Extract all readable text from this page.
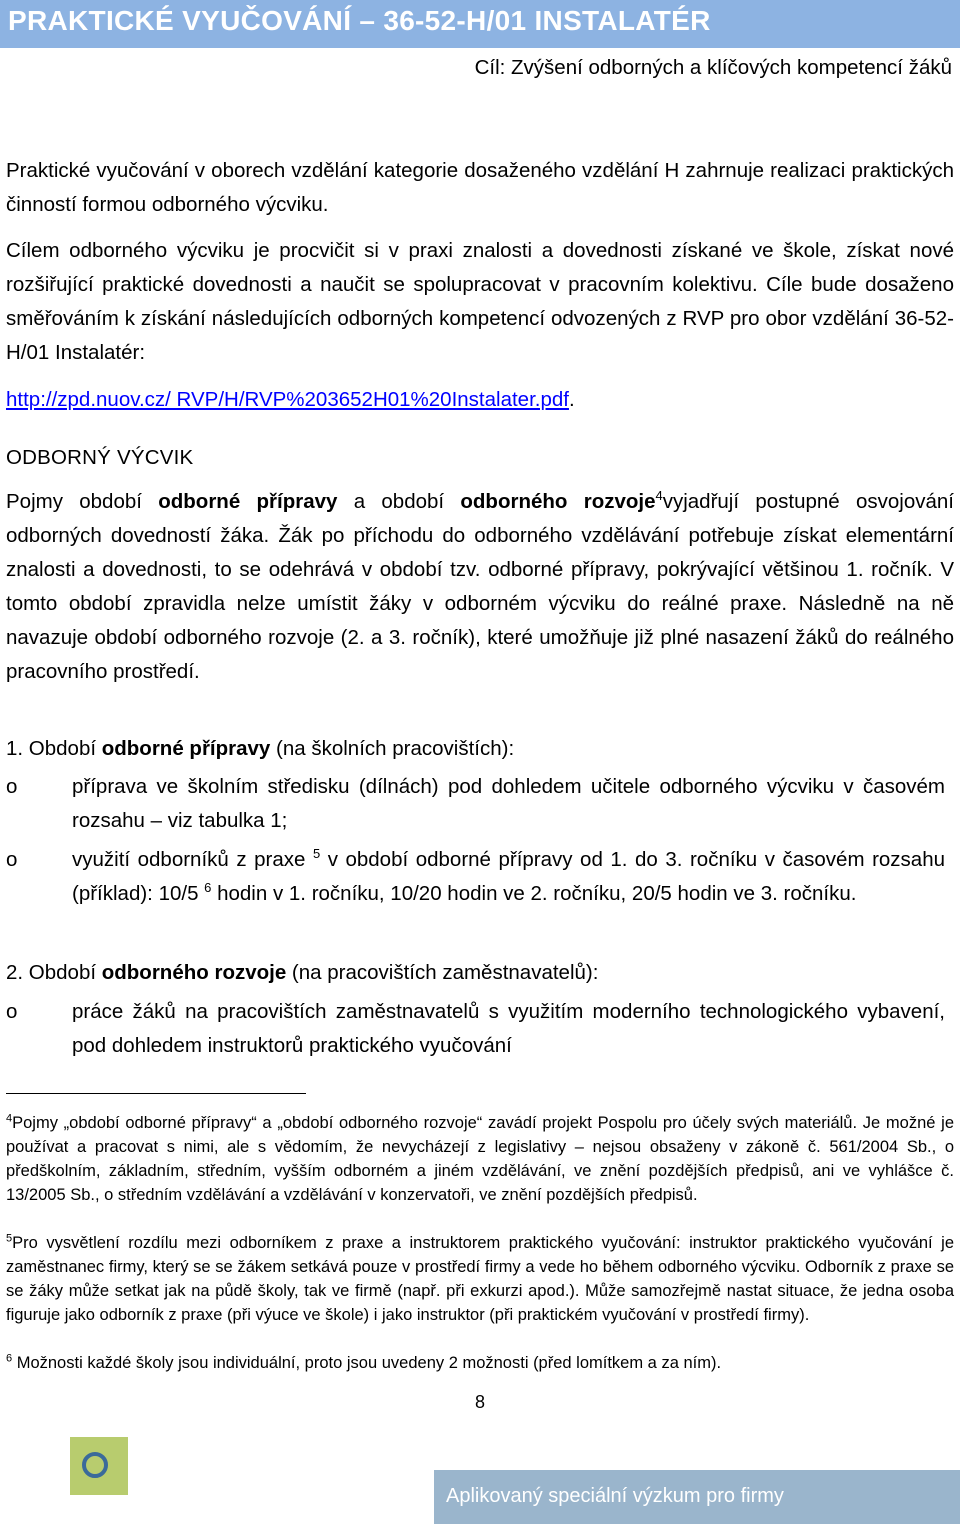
PRAKTICKÉ VYUČOVÁNÍ – 36-52-H/01 INSTALATÉR
Cíl: Zvýšení odborných a klíčových kompetencí žáků
Praktické vyučování v oborech vzdělání kategorie dosaženého vzdělání H zahrnuje realizaci praktických činností formou odborného výcviku.
Cílem odborného výcviku je procvičit si v praxi znalosti a dovednosti získané ve škole, získat nové rozšiřující praktické dovednosti a naučit se spolupracovat v pracovním kolektivu. Cíle bude dosaženo směřováním k získání následujících odborných kompetencí odvozených z RVP pro obor vzdělání 36-52-H/01 Instalatér:
http://zpd.nuov.cz/ RVP/H/RVP%203652H01%20Instalater.pdf.
ODBORNÝ VÝCVIK
Pojmy období odborné přípravy a období odborného rozvoje$^4$vyjadřují postupné osvojování odborných dovedností žáka. Žák po příchodu do odborného vzdělávání potřebuje získat elementární znalosti a dovednosti, to se odehrává v období tzv. odborné přípravy, pokrývající většinou 1. ročník. V tomto období zpravidla nelze umístit žáky v odborném výcviku do reálné praxe. Následně na ně navazuje období odborného rozvoje (2. a 3. ročník), které umožňuje již plné nasazení žáků do reálného pracovního prostředí.
1. Období odborné přípravy (na školních pracovištích):
o	příprava ve školním středisku (dílnách) pod dohledem učitele odborného výcviku v časovém rozsahu – viz tabulka 1;
o	využití odborníků z praxe $^5$ v období odborné přípravy od 1. do 3. ročníku v časovém rozsahu (příklad): 10/5 $^6$ hodin v 1. ročníku, 10/20 hodin ve 2. ročníku, 20/5 hodin ve 3. ročníku.
2. Období odborného rozvoje (na pracovištích zaměstnavatelů):
o	práce žáků na pracovištích zaměstnavatelů s využitím moderního technologického vybavení, pod dohledem instruktorů praktického vyučování
$^4$Pojmy „období odborné přípravy“ a „období odborného rozvoje“ zavádí projekt Pospolu pro účely svých materiálů. Je možné je používat a pracovat s nimi, ale s vědomím, že nevycházejí z legislativy – nejsou obsaženy v zákoně č. 561/2004 Sb., o předškolním, základním, středním, vyšším odborném a jiném vzdělávání, ve znění pozdějších předpisů, ani ve vyhlášce č. 13/2005 Sb., o středním vzdělávání a vzdělávání v konzervatoři, ve znění pozdějších předpisů.
$^5$Pro vysvětlení rozdílu mezi odborníkem z praxe a instruktorem praktického vyučování: instruktor praktického vyučování je zaměstnanec firmy, který se se žákem setkává pouze v prostředí firmy a vede ho během odborného výcviku. Odborník z praxe se se žáky může setkat jak na půdě školy, tak ve firmě (např. při exkurzi apod.). Může samozřejmě nastat situace, že jedna osoba figuruje jako odborník z praxe (při výuce ve škole) i jako instruktor (při praktickém vyučování v prostředí firmy).
$^6$ Možnosti každé školy jsou individuální, proto jsou uvedeny 2 možnosti (před lomítkem a za ním).
8
Aplikovaný speciální výzkum pro firmy
